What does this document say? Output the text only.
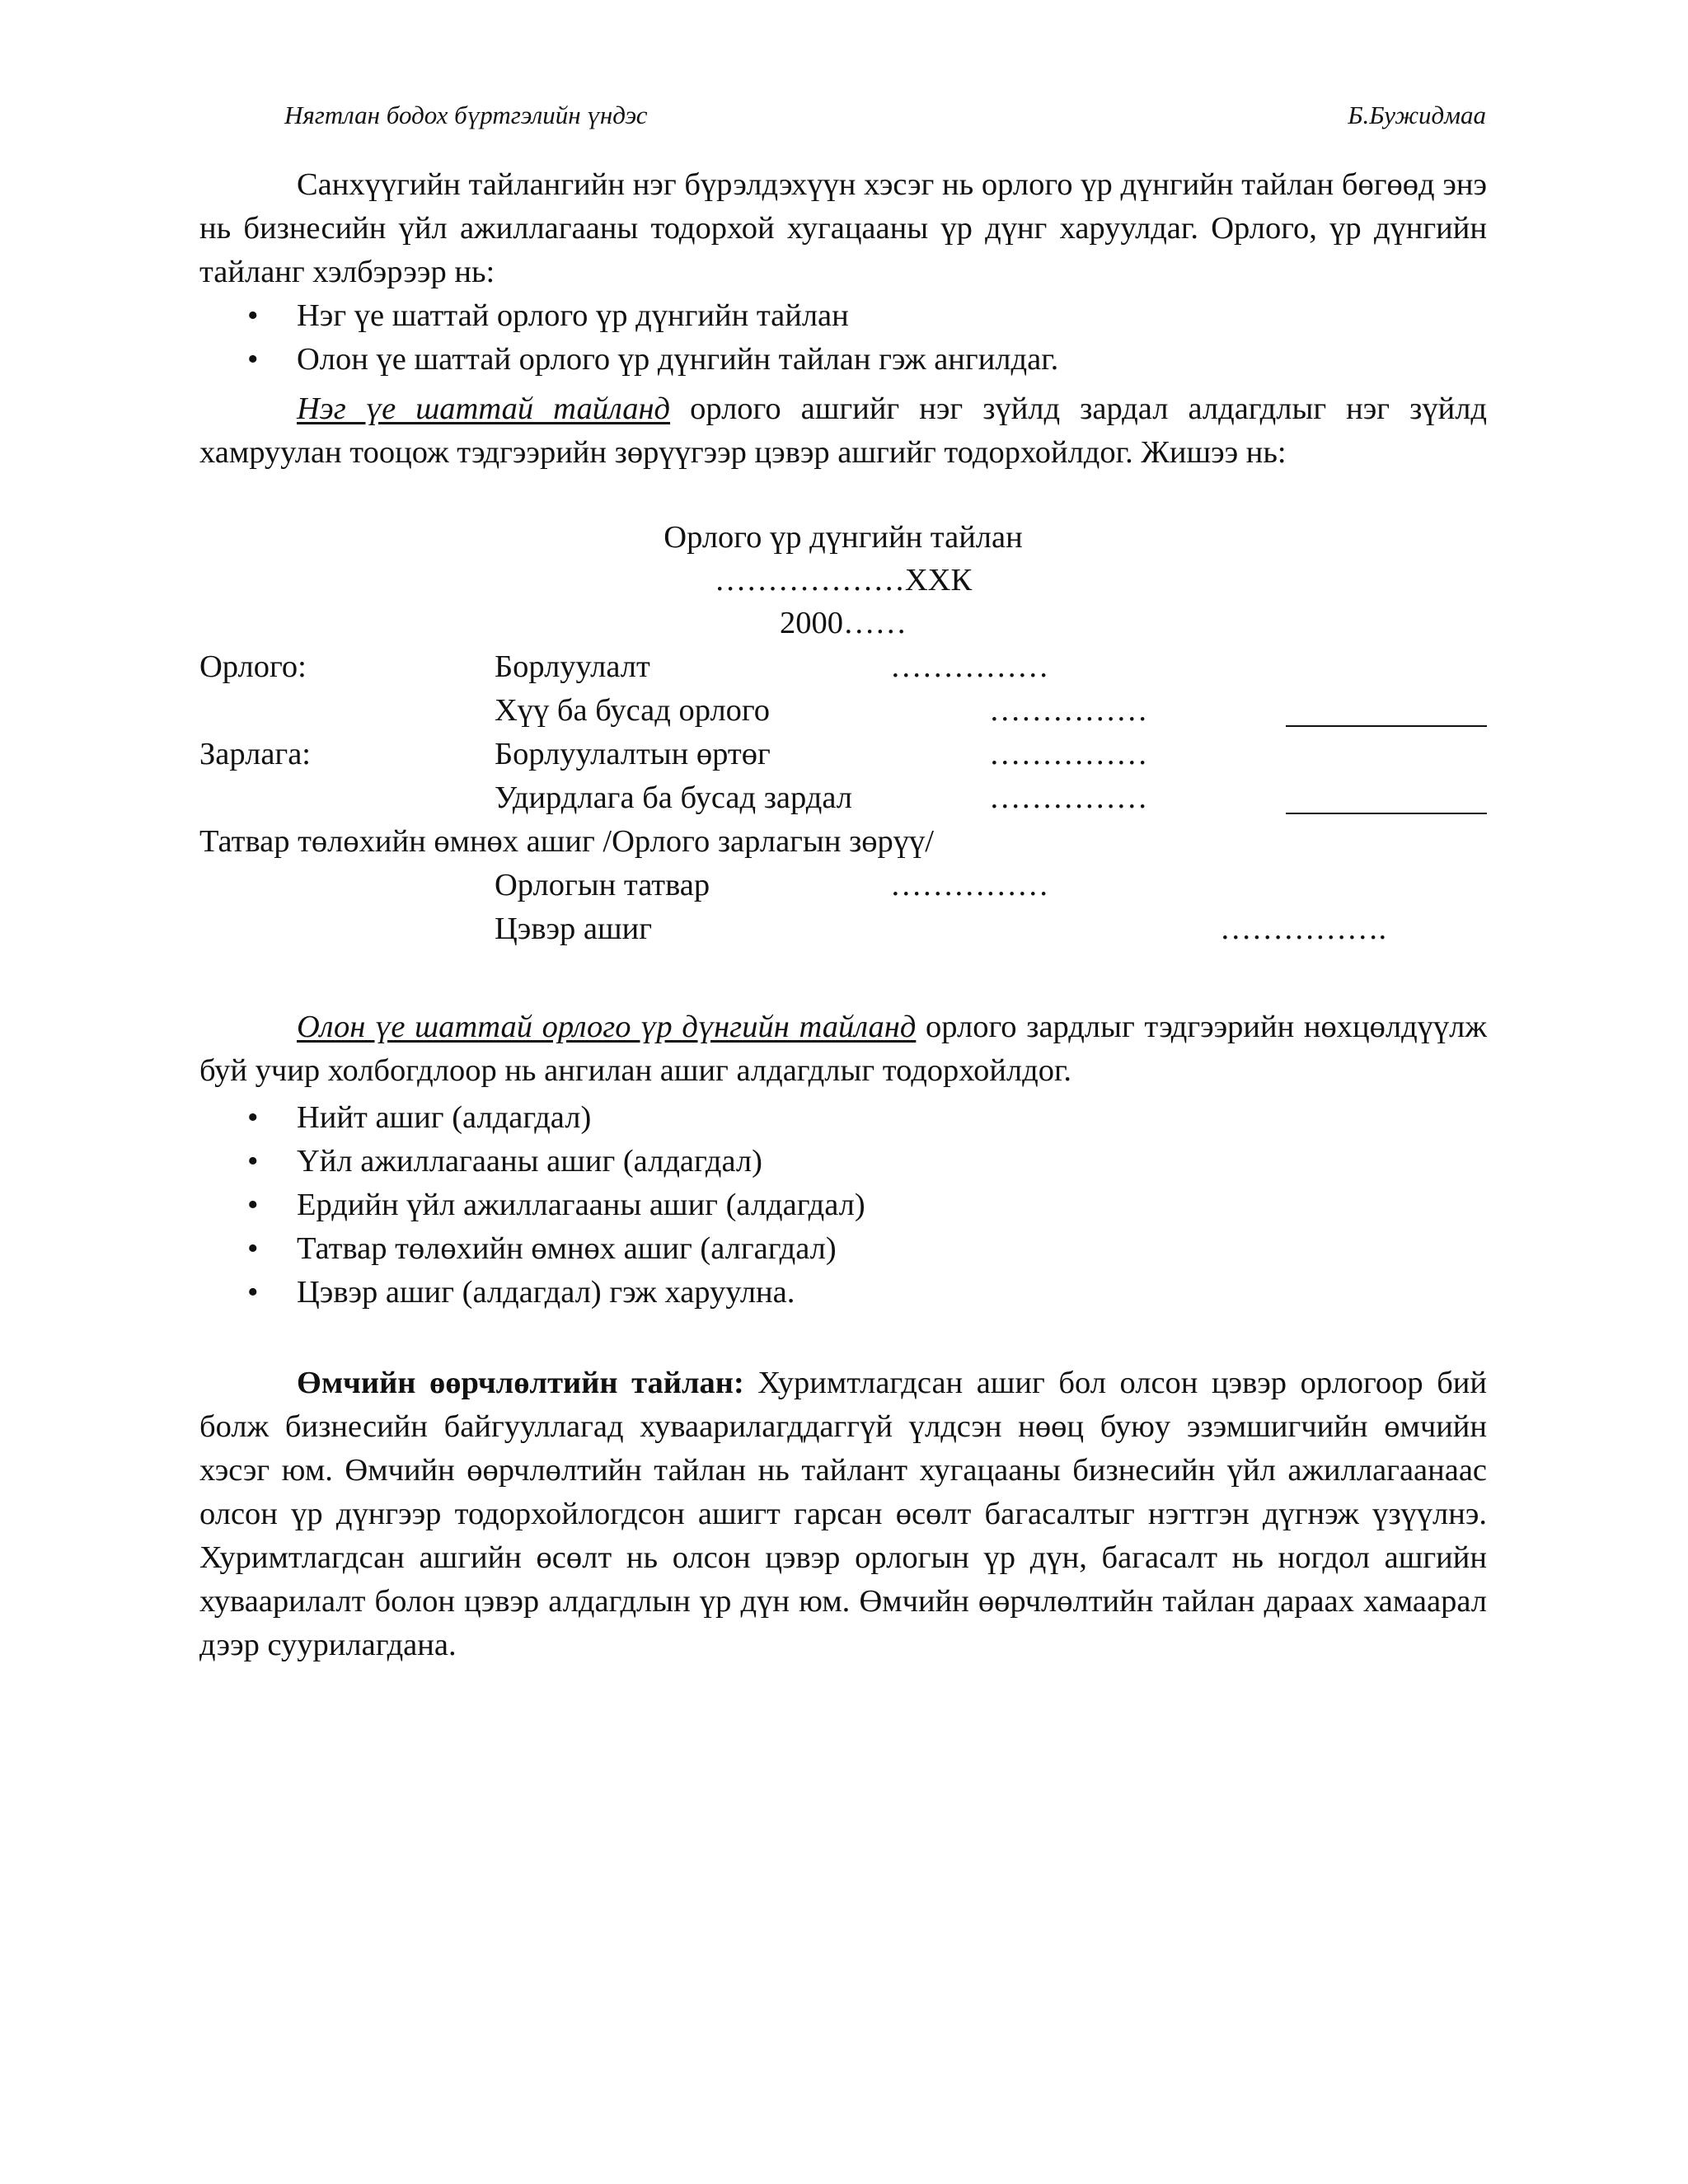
Нягтлан бодох бүртгэлийн үндэс	Б.Бужидмаа

Санхүүгийн тайлангийн нэг бүрэлдэхүүн хэсэг нь орлого үр дүнгийн тайлан бөгөөд энэ нь бизнесийн үйл ажиллагааны тодорхой хугацааны үр дүнг харуулдаг. Орлого, үр дүнгийн тайланг хэлбэрээр нь:

• Нэг үе шаттай орлого үр дүнгийн тайлан
• Олон үе шаттай орлого үр дүнгийн тайлан гэж ангилдаг.

Нэг үе шаттай тайланд орлого ашгийг нэг зүйлд зардал алдагдлыг нэг зүйлд хамруулан тооцож тэдгээрийн зөрүүгээр цэвэр ашгийг тодорхойлдог. Жишээ нь:

Орлого үр дүнгийн тайлан
………………ХХК
2000……
Орлого:	Борлуулалт	……………
Хүү ба бусад орлого	……………
Зарлага:	Борлуулалтын өртөг	……………
Удирдлага ба бусад зардал	……………
Татвар төлөхийн өмнөх ашиг /Орлого зарлагын зөрүү/
Орлогын татвар	……………
Цэвэр ашиг	…………….

Олон үе шаттай орлого үр дүнгийн тайланд орлого зардлыг тэдгээрийн нөхцөлдүүлж буй учир холбогдлоор нь ангилан ашиг алдагдлыг тодорхойлдог.

• Нийт ашиг (алдагдал)
• Үйл ажиллагааны ашиг (алдагдал)
• Ердийн үйл ажиллагааны ашиг (алдагдал)
• Татвар төлөхийн өмнөх ашиг (алгагдал)
• Цэвэр ашиг (алдагдал) гэж харуулна.

Өмчийн өөрчлөлтийн тайлан: Хуримтлагдсан ашиг бол олсон цэвэр орлогоор бий болж бизнесийн байгууллагад хуваарилагддаггүй үлдсэн нөөц буюу эзэмшигчийн өмчийн хэсэг юм. Өмчийн өөрчлөлтийн тайлан нь тайлант хугацааны бизнесийн үйл ажиллагаанаас олсон үр дүнгээр тодорхойлогдсон ашигт гарсан өсөлт багасалтыг нэгтгэн дүгнэж үзүүлнэ. Хуримтлагдсан ашгийн өсөлт нь олсон цэвэр орлогын үр дүн, багасалт нь ногдол ашгийн хуваарилалт болон цэвэр алдагдлын үр дүн юм. Өмчийн өөрчлөлтийн тайлан дараах хамаарал дээр суурилагдана.
